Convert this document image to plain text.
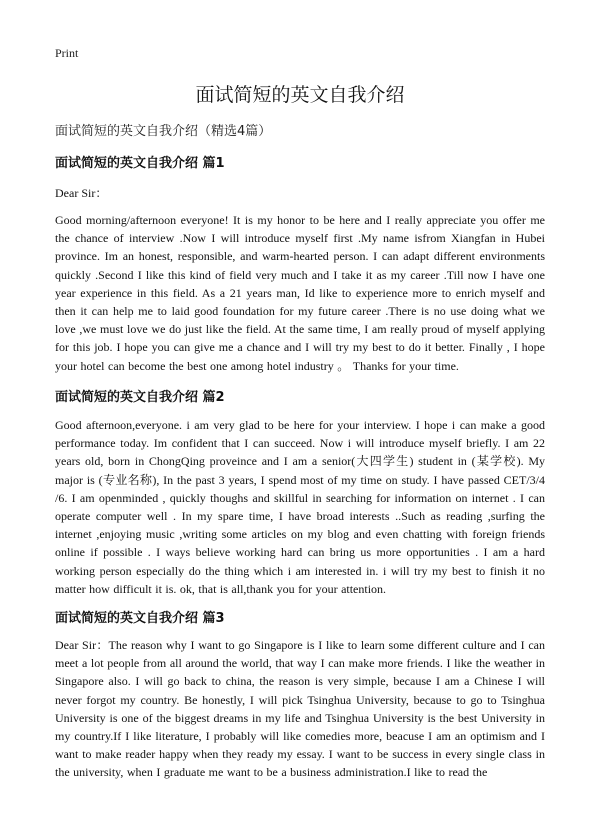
Print
面试简短的英文自我介绍

面试简短的英文自我介绍（精选4篇）

面试简短的英文自我介绍 篇1

Dear Sir：

Good morning/afternoon everyone! It is my honor to be here and I really appreciate you offer me the chance of interview .Now I will introduce myself first .My name isfrom Xiangfan in Hubei province. Im an honest, responsible, and warm-hearted person. I can adapt different environments quickly .Second I like this kind of field very much and I take it as my career .Till now I have one year experience in this field. As a 21 years man, Id like to experience more to enrich myself and then it can help me to laid good foundation for my future career .There is no use doing what we love ,we must love we do just like the field. At the same time, I am really proud of myself applying for this job. I hope you can give me a chance and I will try my best to do it better. Finally , I hope your hotel can become the best one among hotel industry 。 Thanks for your time.

面试简短的英文自我介绍 篇2

Good afternoon,everyone. i am very glad to be here for your interview. I hope i can make a good performance today. Im confident that I can succeed. Now i will introduce myself briefly. I am 22 years old, born in ChongQing proveince and I am a senior(大四学生) student in (某学校). My major is (专业名称), In the past 3 years, I spend most of my time on study. I have passed CET/3/4 /6. I am openminded , quickly thoughs and skillful in searching for information on internet . I can operate computer well . In my spare time, I have broad interests ..Such as reading ,surfing the internet ,enjoying music ,writing some articles on my blog and even chatting with foreign friends online if possible . I ways believe working hard can bring us more opportunities . I am a hard working person especially do the thing which i am interested in. i will try my best to finish it no matter how difficult it is. ok, that is all,thank you for your attention.

面试简短的英文自我介绍 篇3

Dear Sir：The reason why I want to go Singapore is I like to learn some different culture and I can meet a lot people from all around the world, that way I can make more friends. I like the weather in Singapore also. I will go back to china, the reason is very simple, because I am a Chinese I will never forgot my country. Be honestly, I will pick Tsinghua University, because to go to Tsinghua University is one of the biggest dreams in my life and Tsinghua University is the best University in my country.If I like literature, I probably will like comedies more, beacuse I am an optimism and I want to make reader happy when they ready my essay. I want to be success in every single class in the university, when I graduate me want to be a business administration.I like to read the
